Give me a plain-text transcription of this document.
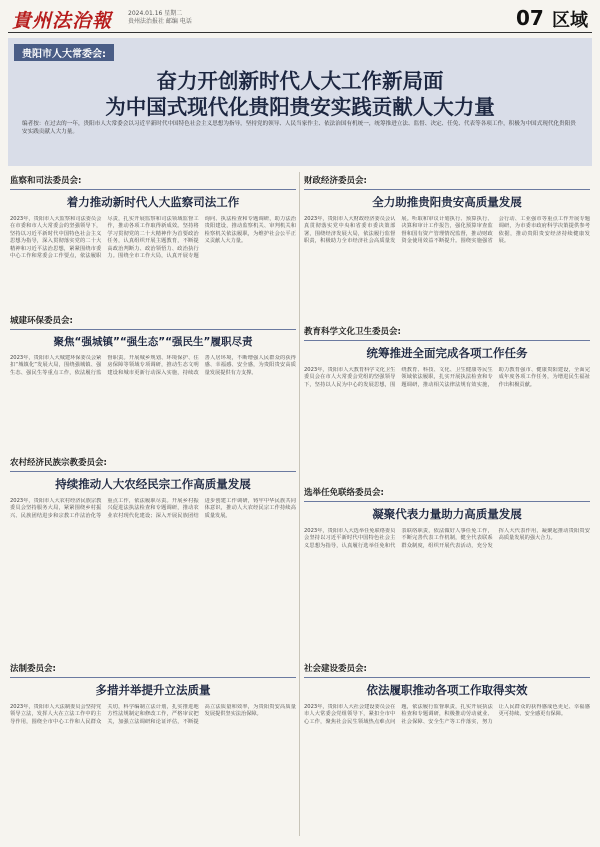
貴州法治報	2024.01.16 星期二
贵州法治报社 邮编 电话	07 区域
贵阳市人大常委会:
奋力开创新时代人大工作新局面
为中国式现代化贵阳贵安实践贡献人大力量
编者按：在过去的一年，贵阳市人大常委会以习近平新时代中国特色社会主义思想为指导，坚持党的领导、人民当家作主、依法治国有机统一，统筹推进立法、监督、决定、任免、代表等各项工作，积极为中国式现代化贵阳贵安实践贡献人大力量。
监察和司法委员会:
着力推动新时代人大监察司法工作
2023年，贵阳市人大监察和司法委员会在市委和市人大常委会的坚强领导下，坚持以习近平新时代中国特色社会主义思想为指导，深入贯彻落实党的二十大精神和习近平法治思想，紧紧围绕市委中心工作和常委会工作要点，依法履职尽责，扎实开展监察和司法领域监督工作，推动各项工作取得新成效。坚持将学习贯彻党的二十大精神作为首要政治任务，认真组织开展主题教育，不断提高政治判断力、政治领悟力、政治执行力。围绕全市工作大局，认真开展专题询问、执法检查和专题调研，助力法治贵阳建设，推动监察机关、审判机关和检察机关依法履职，为维护社会公平正义贡献人大力量。
财政经济委员会:
全力助推贵阳贵安高质量发展
2023年，贵阳市人大财政经济委员会认真贯彻落实党中央和省委市委决策部署，围绕经济发展大局，依法履行监督职责，积极助力全市经济社会高质量发展。听取和审议计划执行、预算执行、决算和审计工作报告，强化预算审查监督和国有资产管理情况监督，推动财政资金使用效益不断提升。围绕实施强省会行动、工业强市等重点工作开展专题调研，为市委市政府科学决策提供参考依据，推动贵阳贵安经济持续健康发展。
城建环保委员会:
聚焦“强城镇”“强生态”“强民生”履职尽责
2023年，贵阳市人大城建环保委员会紧扣“城镇化”发展大局，围绕强城镇、强生态、强民生等重点工作，依法履行监督职责。开展城乡规划、环境保护、住房保障等领域专项调研，推动生态文明建设和城市更新行动深入实施，持续改善人居环境，不断增强人民群众的获得感、幸福感、安全感，为贵阳贵安高质量发展提供有力支撑。
教育科学文化卫生委员会:
统筹推进全面完成各项工作任务
2023年，贵阳市人大教育科学文化卫生委员会在市人大常委会党组的坚强领导下，坚持以人民为中心的发展思想，围绕教育、科技、文化、卫生健康等民生领域依法履职，扎实开展执法检查和专题调研，推动相关法律法规有效实施，助力教育强市、健康贵阳建设，全面完成年度各项工作任务，为增进民生福祉作出积极贡献。
农村经济民族宗教委员会:
持续推动人大农经民宗工作高质量发展
2023年，贵阳市人大农村经济民族宗教委员会坚持服务大局，紧紧围绕乡村振兴、民族团结进步和宗教工作法治化等重点工作，依法履职尽责。开展乡村振兴促进法执法检查和专题调研，推动农业农村现代化建设；深入开展民族团结进步创建工作调研，铸牢中华民族共同体意识，推动人大农经民宗工作持续高质量发展。
选举任免联络委员会:
凝聚代表力量助力高质量发展
2023年，贵阳市人大选举任免联络委员会坚持以习近平新时代中国特色社会主义思想为指导，认真履行选举任免和代表联络职责，依法做好人事任免工作，不断完善代表工作机制，健全代表联系群众制度，组织开展代表活动，充分发挥人大代表作用，凝聚起推动贵阳贵安高质量发展的强大合力。
法制委员会:
多措并举提升立法质量
2023年，贵阳市人大法制委员会坚持党领导立法，发挥人大在立法工作中的主导作用，围绕全市中心工作和人民群众关切，科学编制立法计划，扎实推进地方性法规制定和修改工作，严格审议把关，加强立法调研和论证评估，不断提高立法质量和效率，为贵阳贵安高质量发展提供坚实法治保障。
社会建设委员会:
依法履职推动各项工作取得实效
2023年，贵阳市人大社会建设委员会在市人大常委会党组领导下，紧扣全市中心工作，聚焦社会民生领域热点难点问题，依法履行监督职责，扎实开展执法检查和专题调研，积极推动劳动就业、社会保障、安全生产等工作落实，努力让人民群众的获得感成色更足、幸福感更可持续、安全感更有保障。
